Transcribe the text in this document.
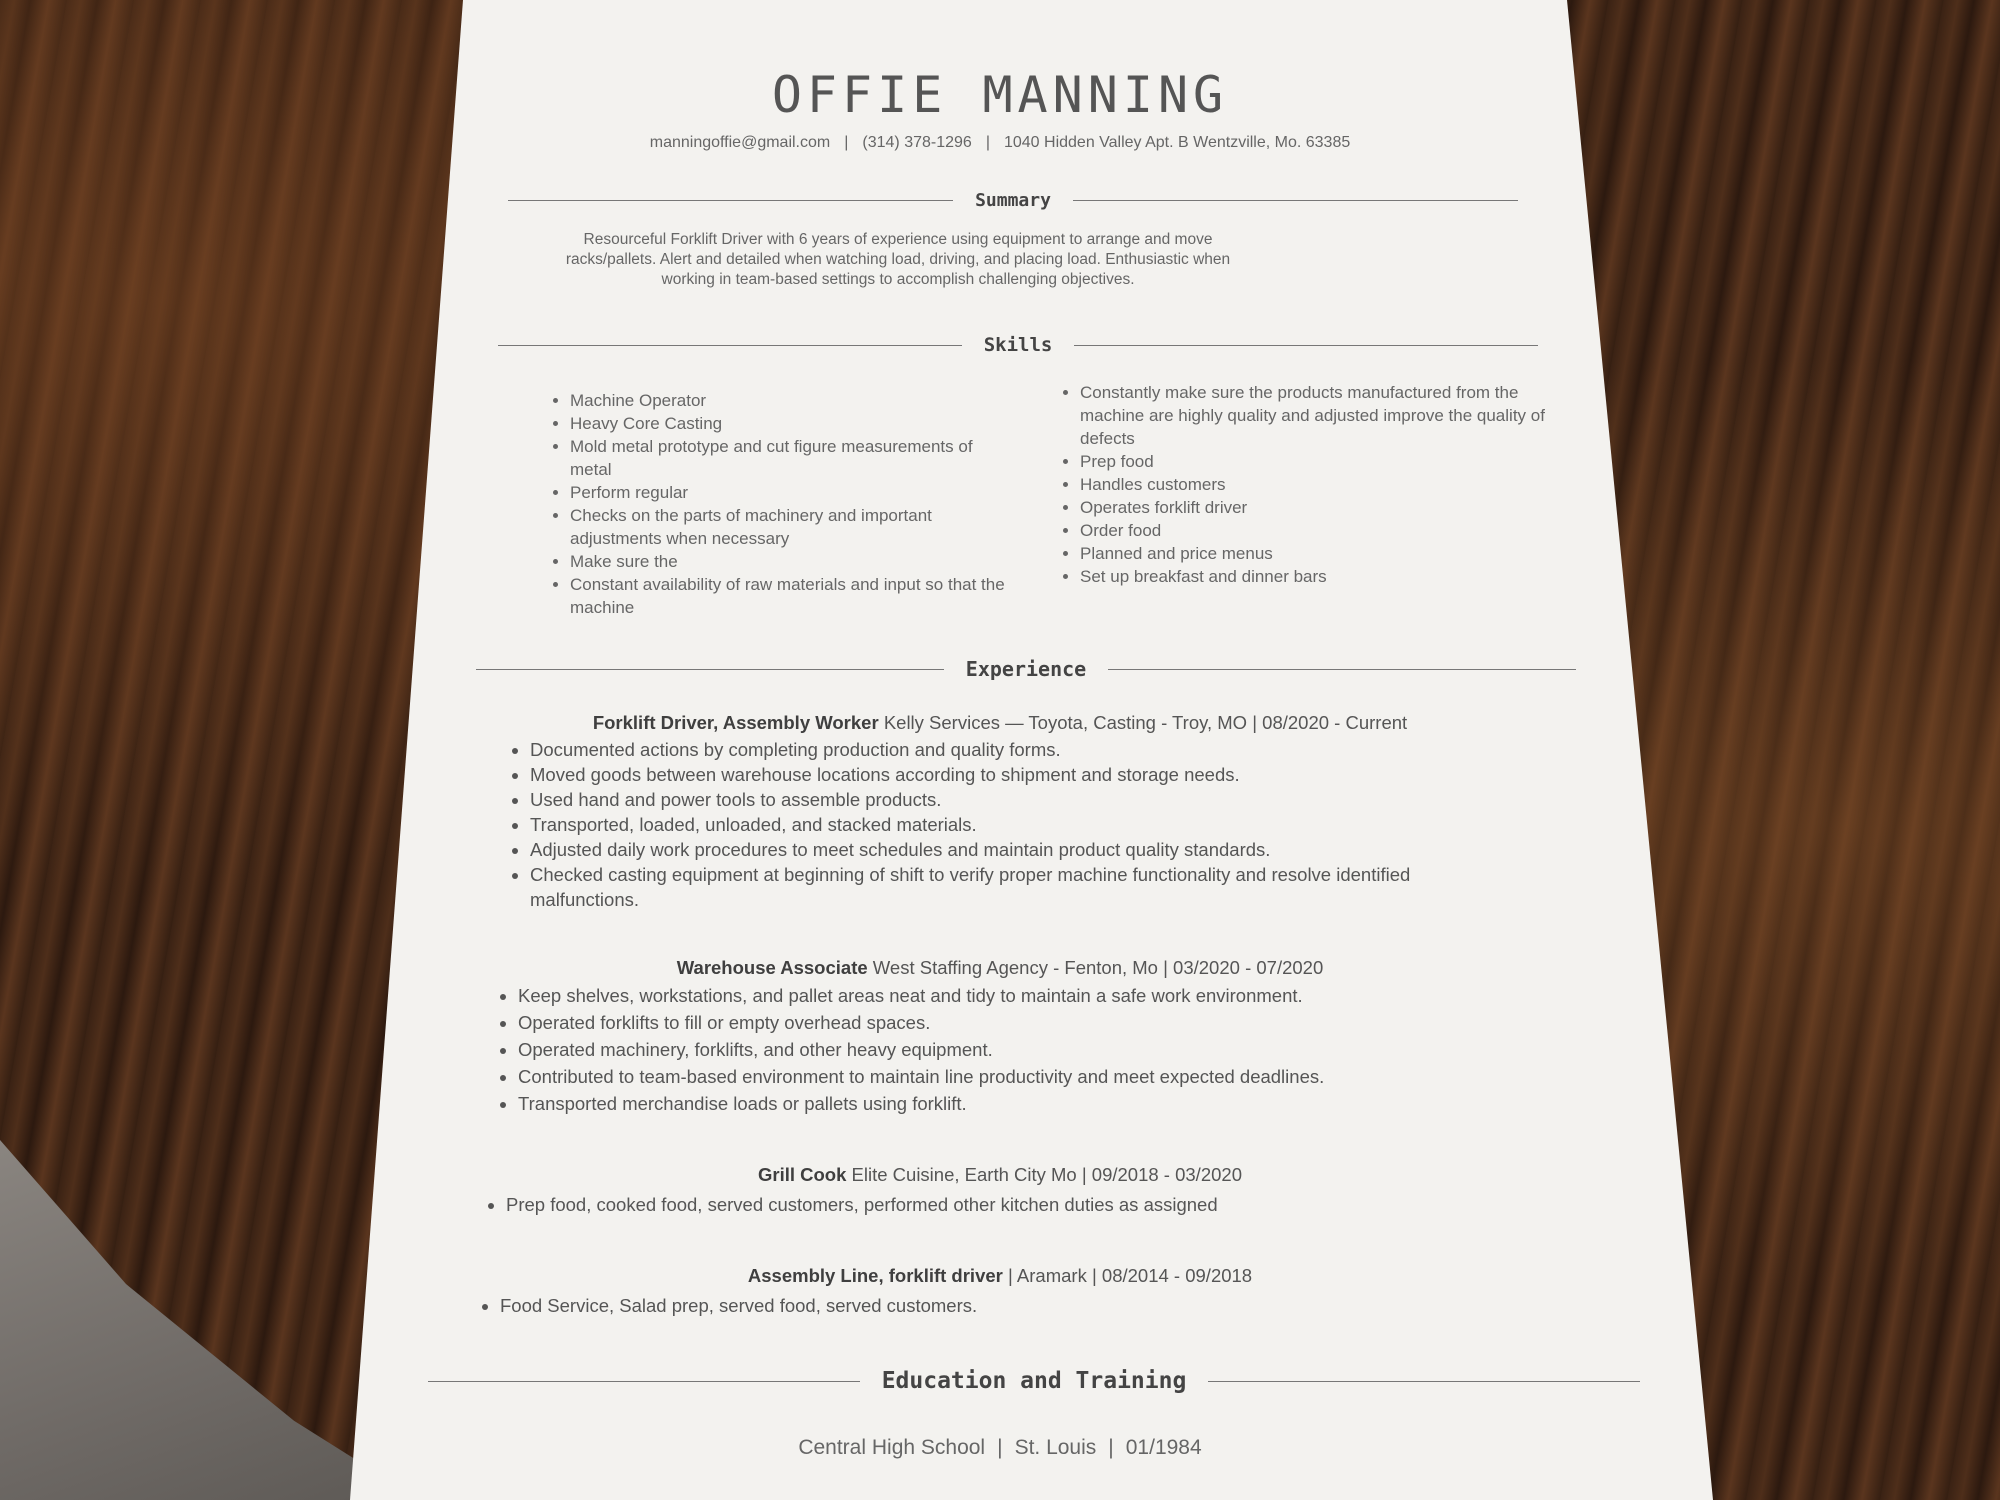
OFFIE MANNING
manningoffie@gmail.com | (314) 378-1296 | 1040 Hidden Valley Apt. B Wentzville, Mo. 63385
Summary
Resourceful Forklift Driver with 6 years of experience using equipment to arrange and move racks/pallets. Alert and detailed when watching load, driving, and placing load. Enthusiastic when working in team-based settings to accomplish challenging objectives.
Skills
• Machine Operator
• Heavy Core Casting
• Mold metal prototype and cut figure measurements of metal
• Perform regular
• Checks on the parts of machinery and important adjustments when necessary
• Make sure the
• Constant availability of raw materials and input so that the machine
• Constantly make sure the products manufactured from the machine are highly quality and adjusted improve the quality of defects
• Prep food
• Handles customers
• Operates forklift driver
• Order food
• Planned and price menus
• Set up breakfast and dinner bars
Experience
Forklift Driver, Assembly Worker Kelly Services — Toyota, Casting - Troy, MO | 08/2020 - Current
• Documented actions by completing production and quality forms.
• Moved goods between warehouse locations according to shipment and storage needs.
• Used hand and power tools to assemble products.
• Transported, loaded, unloaded, and stacked materials.
• Adjusted daily work procedures to meet schedules and maintain product quality standards.
• Checked casting equipment at beginning of shift to verify proper machine functionality and resolve identified malfunctions.
Warehouse Associate West Staffing Agency - Fenton, Mo | 03/2020 - 07/2020
• Keep shelves, workstations, and pallet areas neat and tidy to maintain a safe work environment.
• Operated forklifts to fill or empty overhead spaces.
• Operated machinery, forklifts, and other heavy equipment.
• Contributed to team-based environment to maintain line productivity and meet expected deadlines.
• Transported merchandise loads or pallets using forklift.
Grill Cook Elite Cuisine, Earth City Mo | 09/2018 - 03/2020
• Prep food, cooked food, served customers, performed other kitchen duties as assigned
Assembly Line, forklift driver | Aramark | 08/2014 - 09/2018
• Food Service, Salad prep, served food, served customers.
Education and Training
Central High School | St. Louis | 01/1984
